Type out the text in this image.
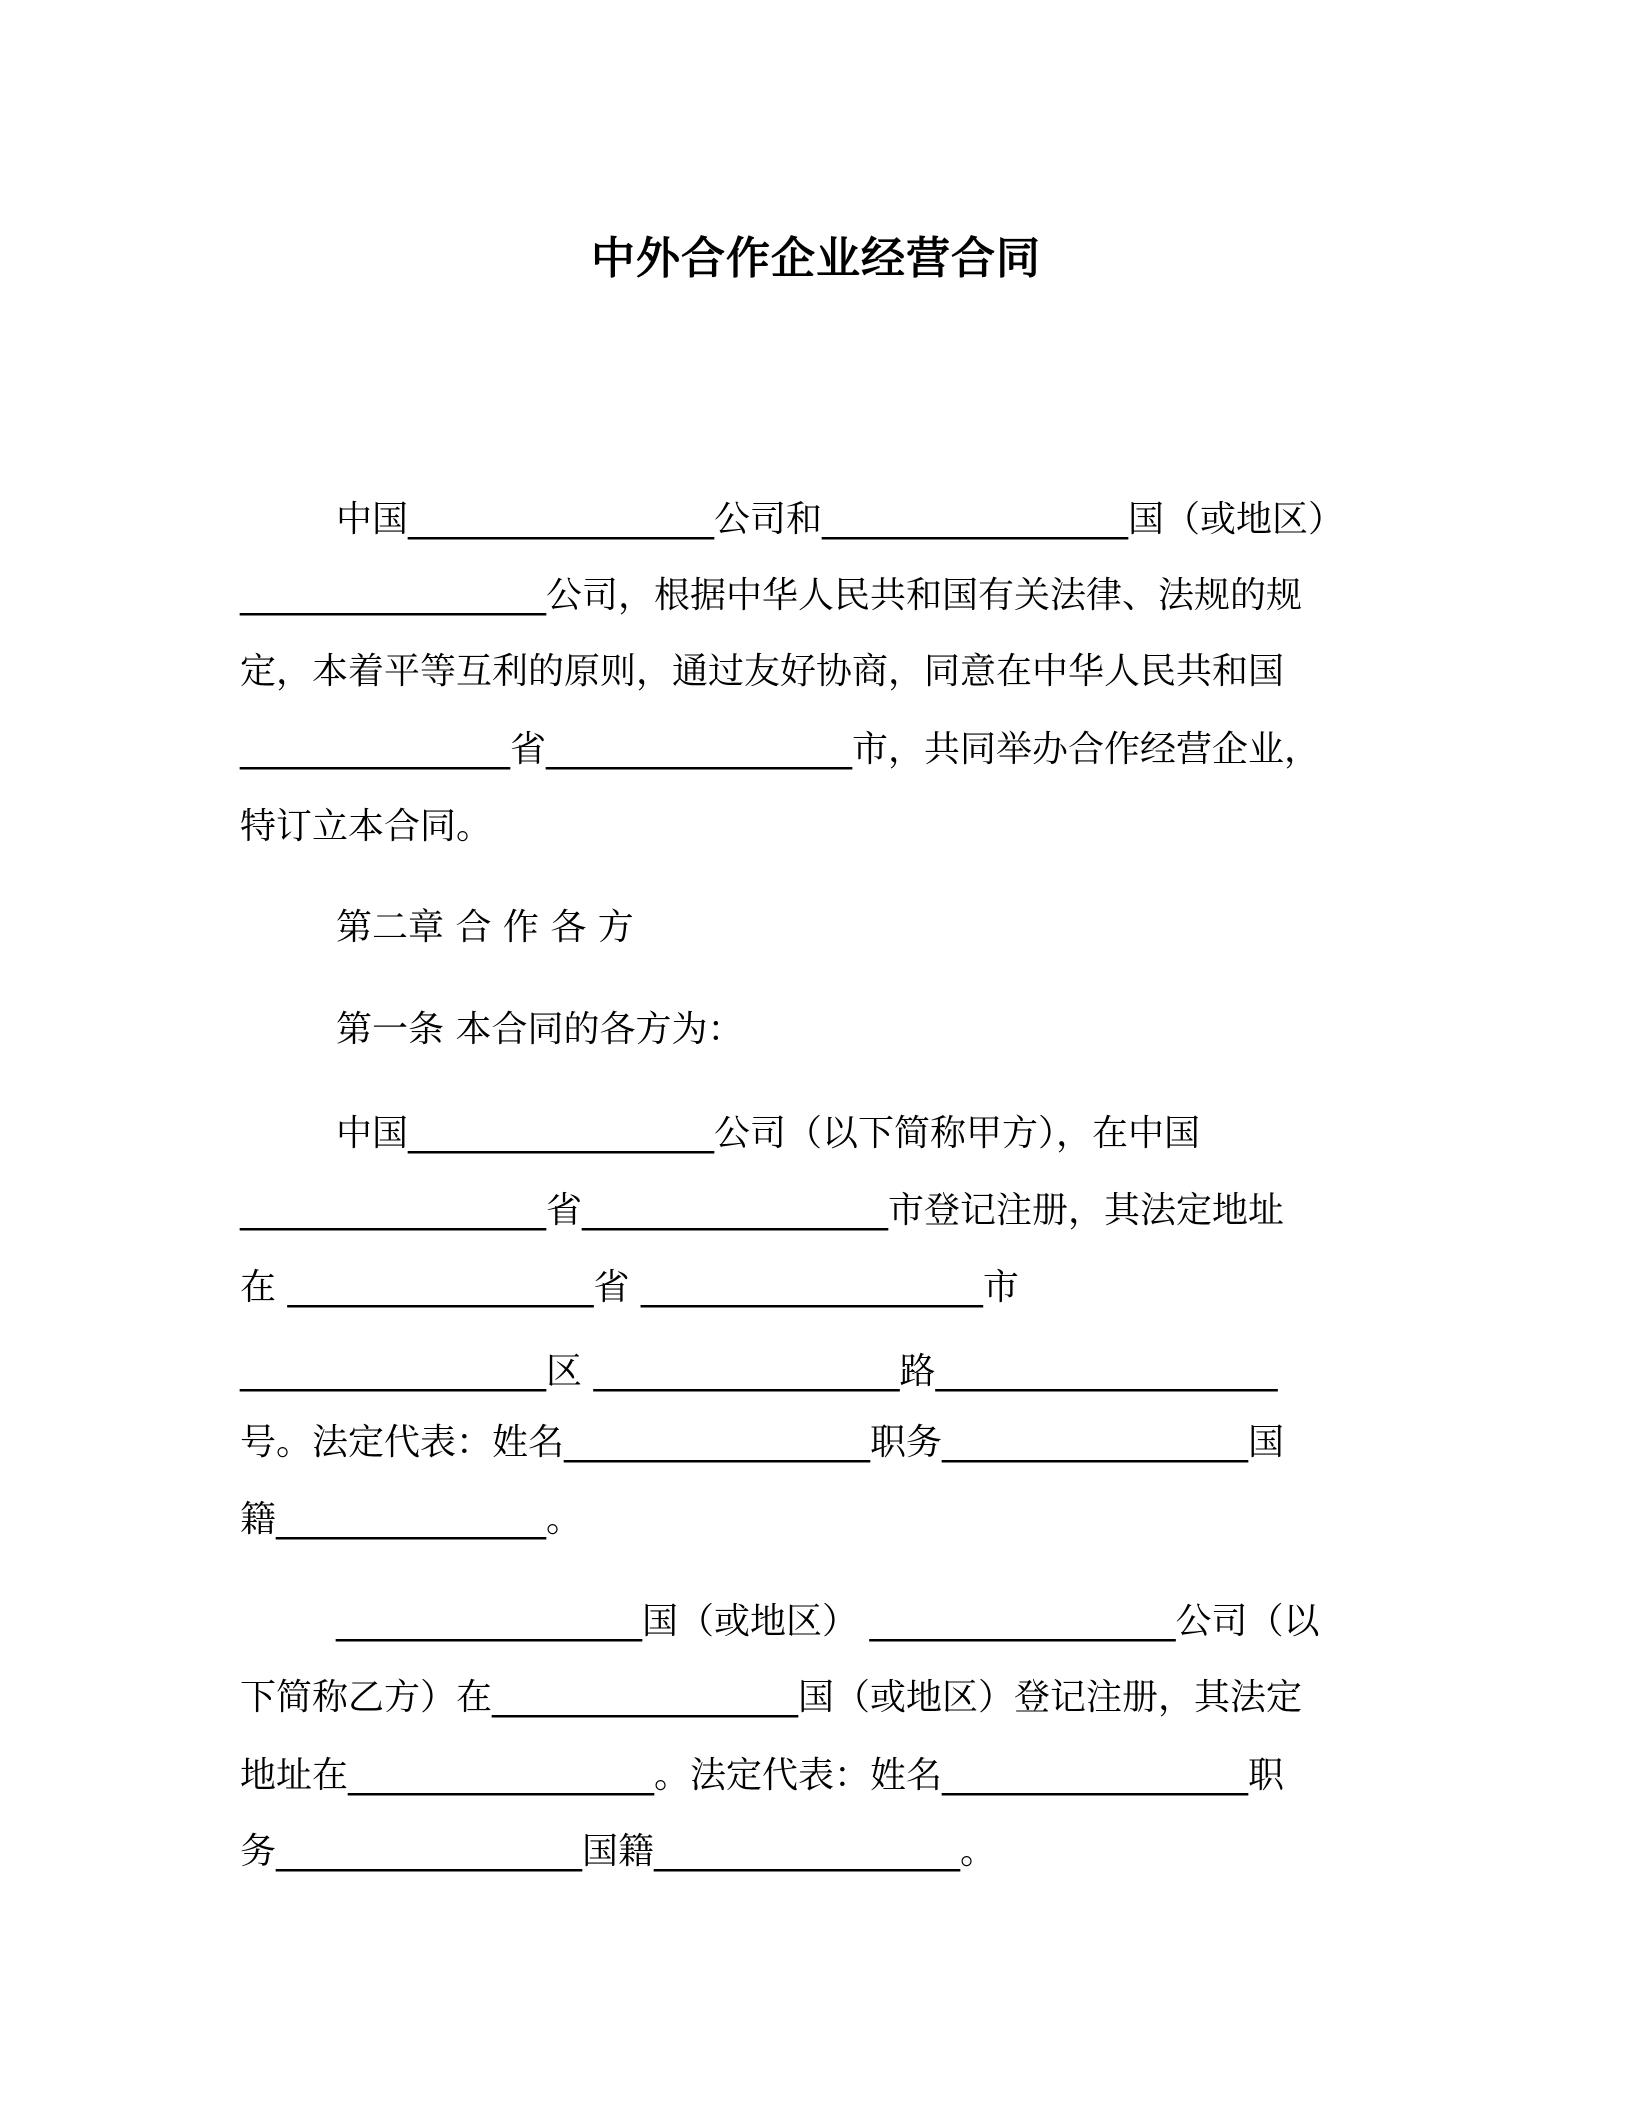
中外合作企业经营合同
中国_________________公司和_________________国（或地区）
_________________公司，根据中华人民共和国有关法律、法规的规
定，本着平等互利的原则，通过友好协商，同意在中华人民共和国
_______________省_________________市，共同举办合作经营企业，
特订立本合同。
第二章 合 作 各 方
第一条 本合同的各方为：
中国_________________公司（以下简称甲方），在中国
_________________省_________________市登记注册，其法定地址
在 _________________省 ___________________市
_________________区 _________________路___________________
号。法定代表：姓名_________________职务_________________国
籍_______________。
_________________国（或地区） _________________公司（以
下简称乙方）在_________________国（或地区）登记注册，其法定
地址在_________________。法定代表：姓名_________________职
务_________________国籍_________________。
